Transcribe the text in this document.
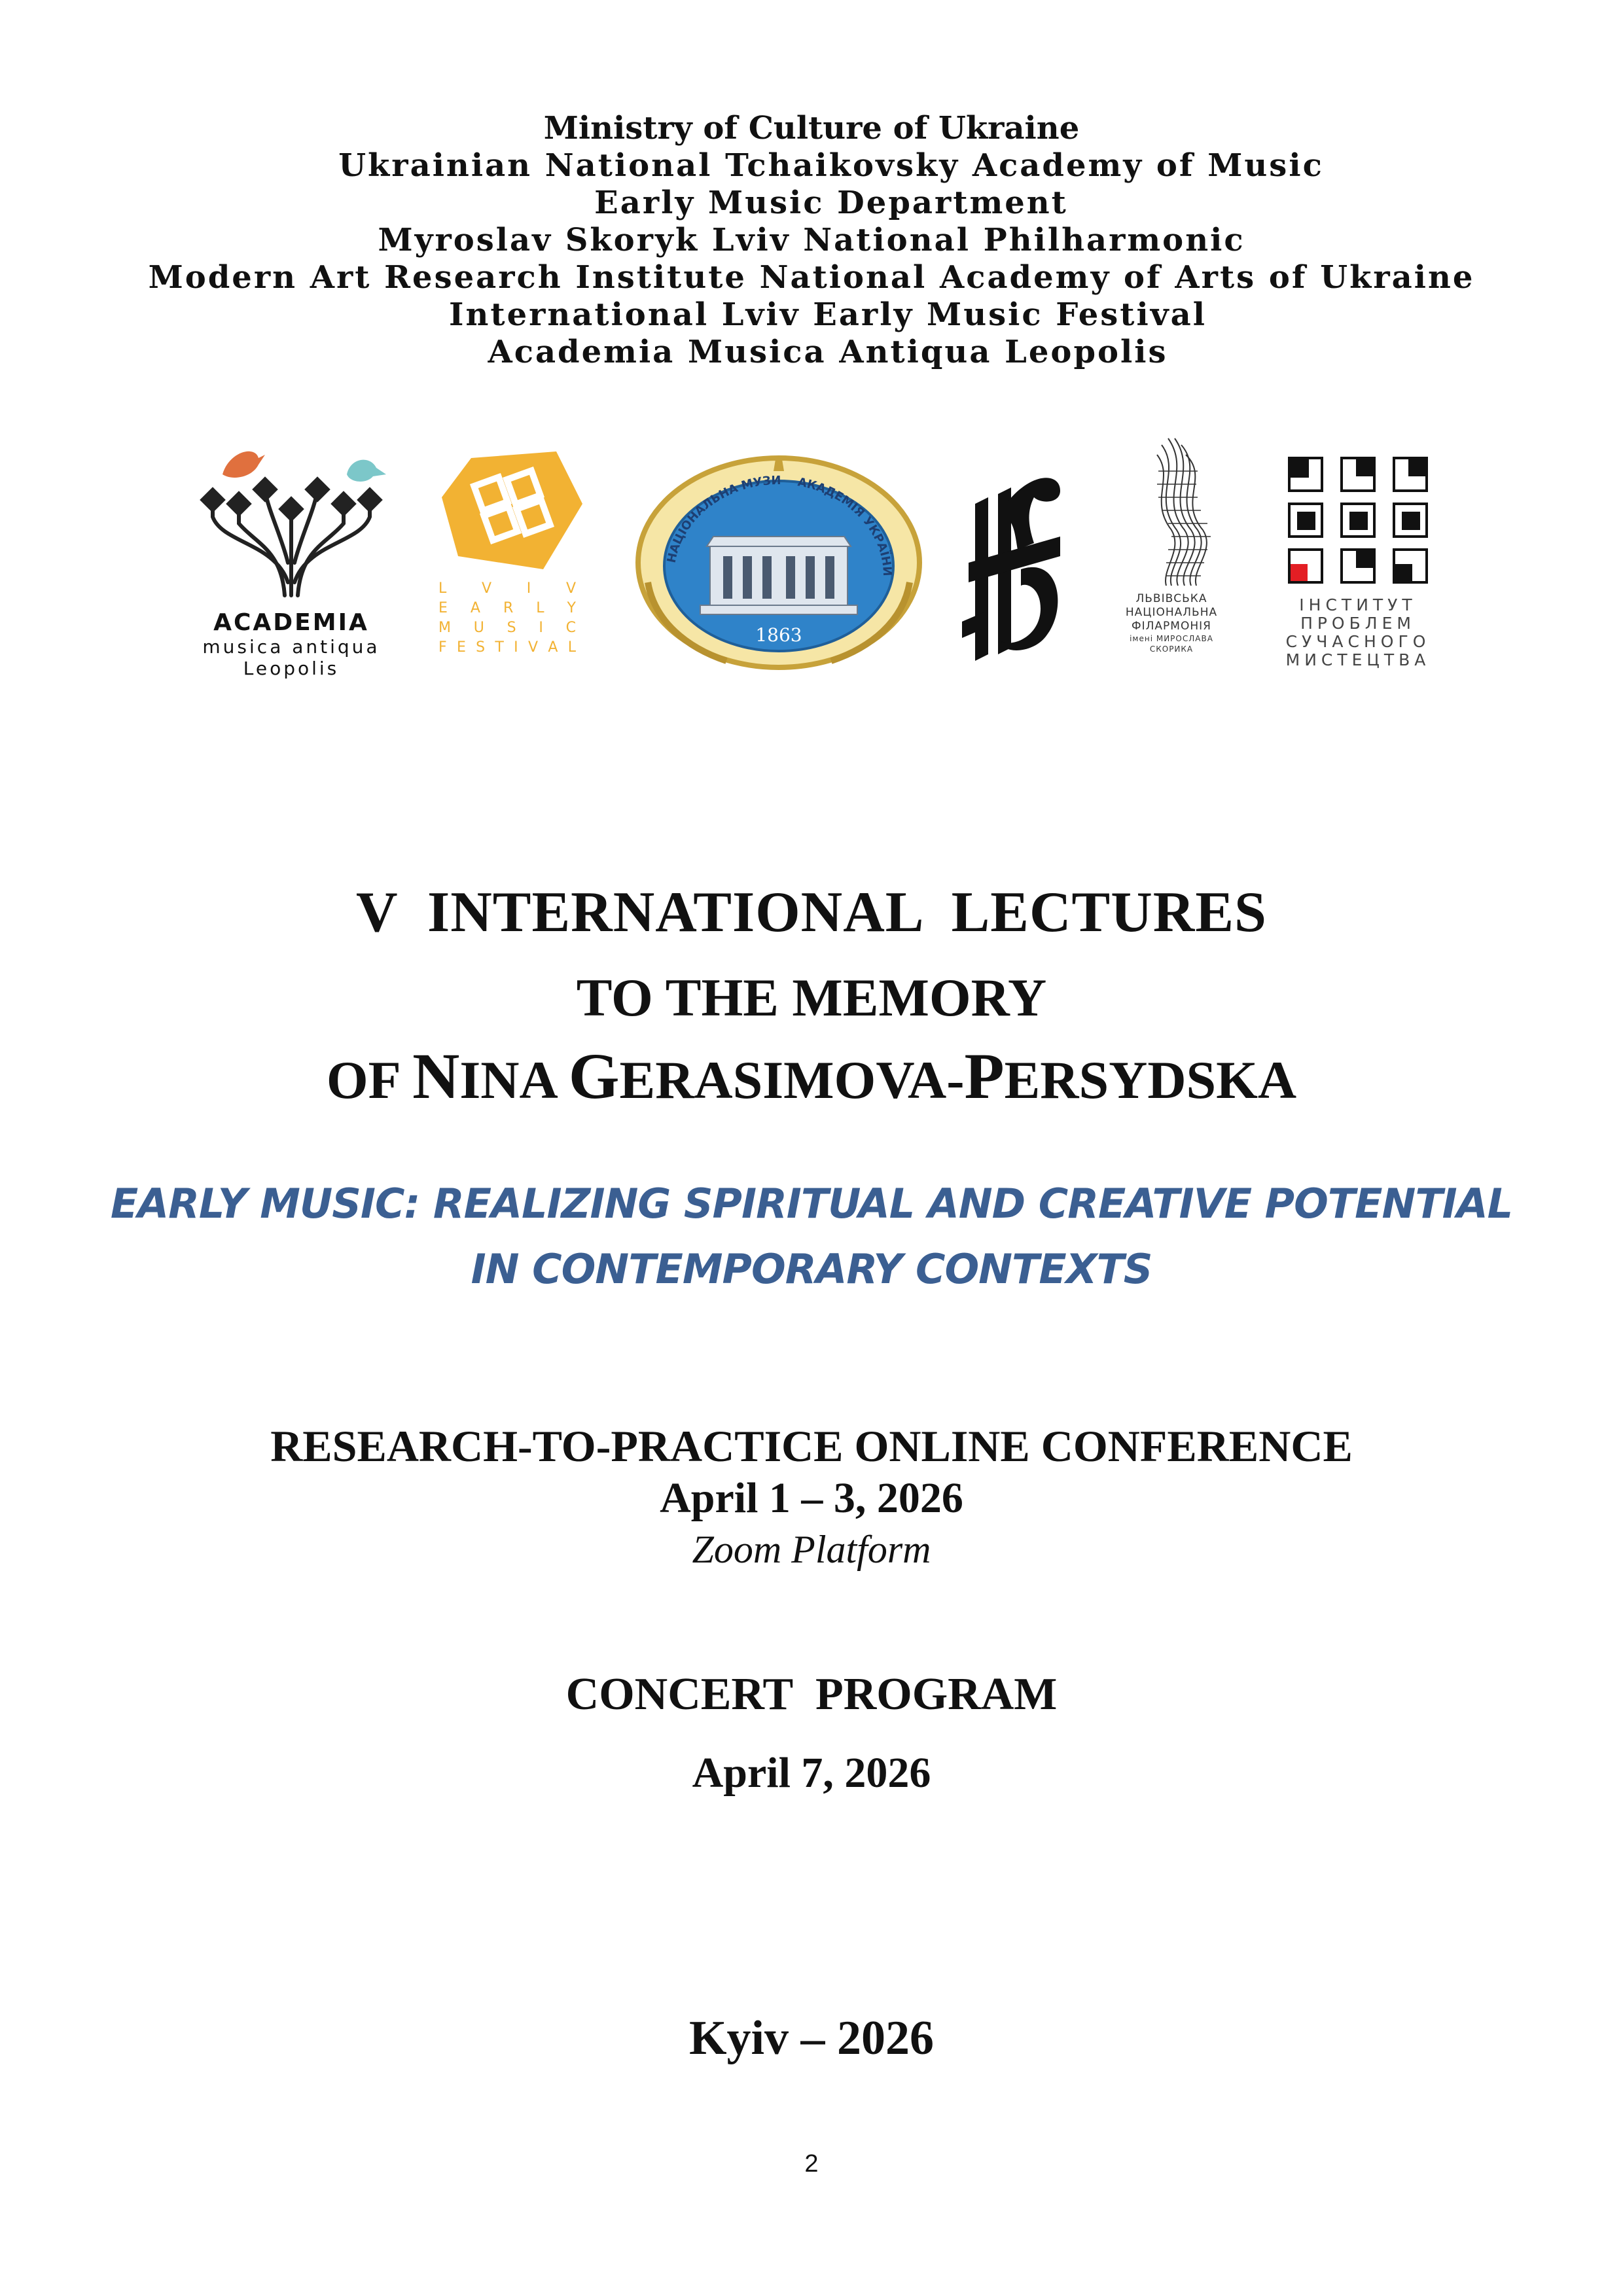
Ministry of Culture of Ukraine
Ukrainian National Tchaikovsky Academy of Music
Early Music Department
Myroslav Skoryk Lviv National Philharmonic
Modern Art Research Institute National Academy of Arts of Ukraine
International Lviv Early Music Festival
Academia Musica Antiqua Leopolis
ACADEMIA
musica antiqua
Leopolis
L V I V
E A R L Y
M U S I C
F E S T I V A L
НАЦІОНАЛЬНА МУЗИ АКАДЕМІЯ УКРАЇНИ
1863
ЛЬВІВСЬКА
НАЦІОНАЛЬНА
ФІЛАРМОНІЯ
імені МИРОСЛАВА
СКОРИКА
ІНСТИТУТ
ПРОБЛЕМ
СУЧАСНОГО
МИСТЕЦТВА
V  INTERNATIONAL  LECTURES
TO THE MEMORY
OF NINA GERASIMOVA-PERSYDSKA
EARLY MUSIC: REALIZING SPIRITUAL AND CREATIVE POTENTIAL
IN CONTEMPORARY CONTEXTS
RESEARCH-TO-PRACTICE ONLINE CONFERENCE
April 1 – 3, 2026
Zoom Platform
CONCERT  PROGRAM
April 7, 2026
Kyiv – 2026
2
